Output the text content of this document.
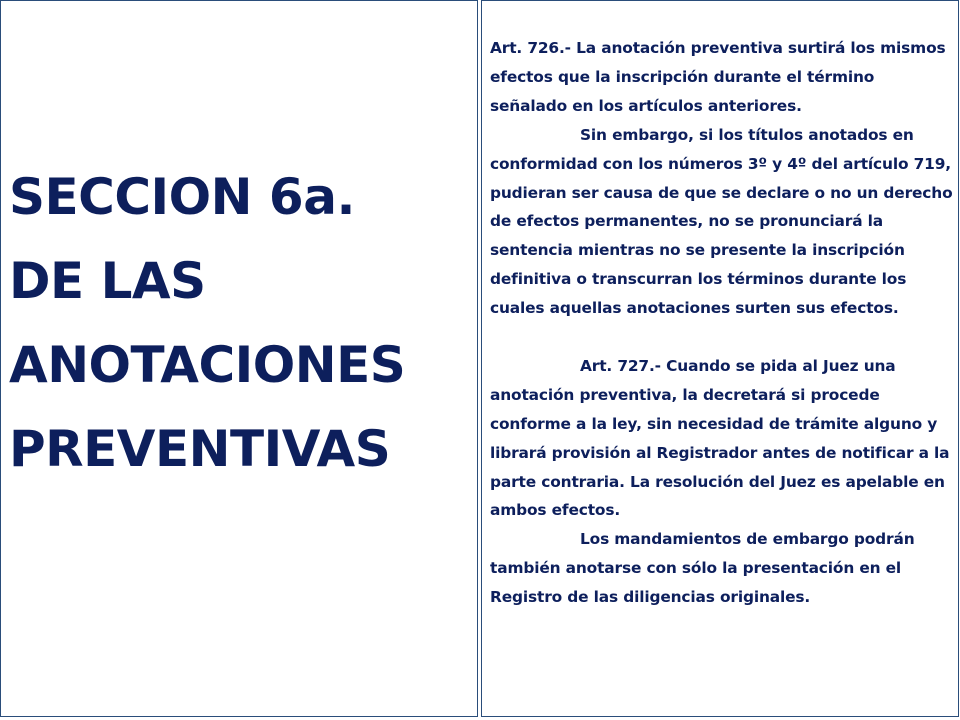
SECCION 6a.
DE LAS
ANOTACIONES
PREVENTIVAS

Art. 726.- La anotación preventiva surtirá los mismos efectos que la inscripción durante el término señalado en los artículos anteriores.

Sin embargo, si los títulos anotados en conformidad con los números 3º y 4º del artículo 719, pudieran ser causa de que se declare o no un derecho de efectos permanentes, no se pronunciará la sentencia mientras no se presente la inscripción definitiva o transcurran los términos durante los cuales aquellas anotaciones surten sus efectos.

Art. 727.- Cuando se pida al Juez una anotación preventiva, la decretará si procede conforme a la ley, sin necesidad de trámite alguno y librará provisión al Registrador antes de notificar a la parte contraria. La resolución del Juez es apelable en ambos efectos.

Los mandamientos de embargo podrán también anotarse con sólo la presentación en el Registro de las diligencias originales.
